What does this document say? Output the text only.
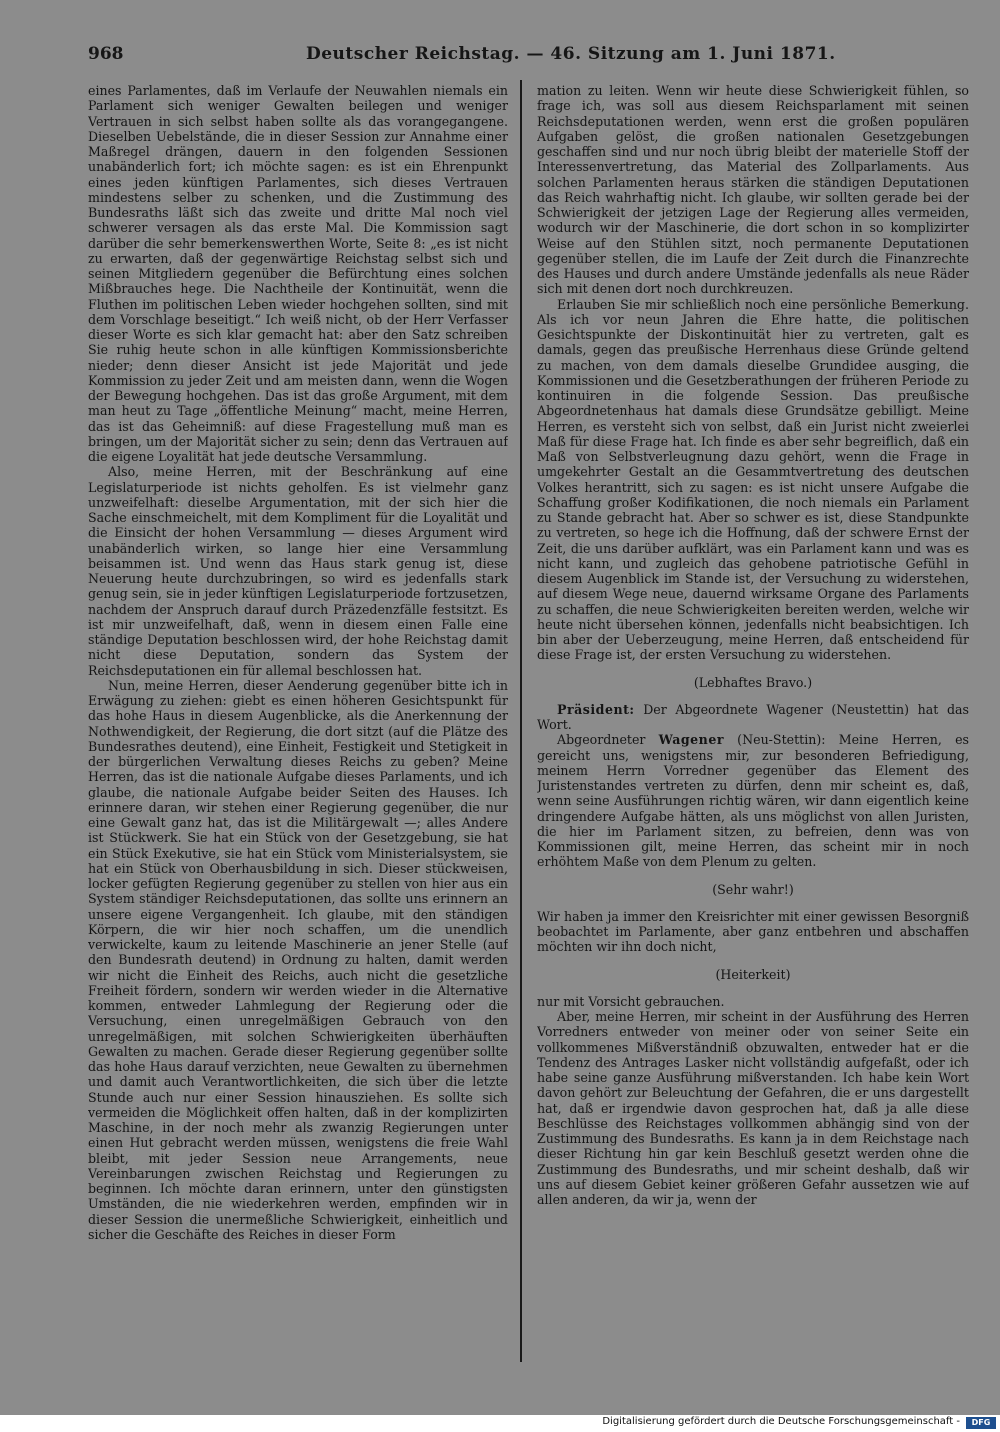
968	Deutscher Reichstag. — 46. Sitzung am 1. Juni 1871.

eines Parlamentes, daß im Verlaufe der Neuwahlen niemals ein Parlament sich weniger Gewalten beilegen und weniger Vertrauen in sich selbst haben sollte als das vorangegangene. Dieselben Uebelstände, die in dieser Session zur Annahme einer Maßregel drängen, dauern in den folgenden Sessionen unabänderlich fort; ich möchte sagen: es ist ein Ehrenpunkt eines jeden künftigen Parlamentes, sich dieses Vertrauen mindestens selber zu schenken, und die Zustimmung des Bundesraths läßt sich das zweite und dritte Mal noch viel schwerer versagen als das erste Mal. Die Kommission sagt darüber die sehr bemerkenswerthen Worte, Seite 8: „es ist nicht zu erwarten, daß der gegenwärtige Reichstag selbst sich und seinen Mitgliedern gegenüber die Befürchtung eines solchen Mißbrauches hege. Die Nachtheile der Kontinuität, wenn die Fluthen im politischen Leben wieder hochgehen sollten, sind mit dem Vorschlage beseitigt.“ Ich weiß nicht, ob der Herr Verfasser dieser Worte es sich klar gemacht hat: aber den Satz schreiben Sie ruhig heute schon in alle künftigen Kommissionsberichte nieder; denn dieser Ansicht ist jede Majorität und jede Kommission zu jeder Zeit und am meisten dann, wenn die Wogen der Bewegung hochgehen. Das ist das große Argument, mit dem man heut zu Tage „öffentliche Meinung“ macht, meine Herren, das ist das Geheimniß: auf diese Fragestellung muß man es bringen, um der Majorität sicher zu sein; denn das Vertrauen auf die eigene Loyalität hat jede deutsche Versammlung.

Also, meine Herren, mit der Beschränkung auf eine Legislaturperiode ist nichts geholfen. Es ist vielmehr ganz unzweifelhaft: dieselbe Argumentation, mit der sich hier die Sache einschmeichelt, mit dem Kompliment für die Loyalität und die Einsicht der hohen Versammlung — dieses Argument wird unabänderlich wirken, so lange hier eine Versammlung beisammen ist. Und wenn das Haus stark genug ist, diese Neuerung heute durchzubringen, so wird es jedenfalls stark genug sein, sie in jeder künftigen Legislaturperiode fortzusetzen, nachdem der Anspruch darauf durch Präzedenzfälle festsitzt. Es ist mir unzweifelhaft, daß, wenn in diesem einen Falle eine ständige Deputation beschlossen wird, der hohe Reichstag damit nicht diese Deputation, sondern das System der Reichsdeputationen ein für allemal beschlossen hat.

Nun, meine Herren, dieser Aenderung gegenüber bitte ich in Erwägung zu ziehen: giebt es einen höheren Gesichtspunkt für das hohe Haus in diesem Augenblicke, als die Anerkennung der Nothwendigkeit, der Regierung, die dort sitzt (auf die Plätze des Bundesrathes deutend), eine Einheit, Festigkeit und Stetigkeit in der bürgerlichen Verwaltung dieses Reichs zu geben? Meine Herren, das ist die nationale Aufgabe dieses Parlaments, und ich glaube, die nationale Aufgabe beider Seiten des Hauses. Ich erinnere daran, wir stehen einer Regierung gegenüber, die nur eine Gewalt ganz hat, das ist die Militärgewalt —; alles Andere ist Stückwerk. Sie hat ein Stück von der Gesetzgebung, sie hat ein Stück Exekutive, sie hat ein Stück vom Ministerialsystem, sie hat ein Stück von Oberhausbildung in sich. Dieser stückweisen, locker gefügten Regierung gegenüber zu stellen von hier aus ein System ständiger Reichsdeputationen, das sollte uns erinnern an unsere eigene Vergangenheit. Ich glaube, mit den ständigen Körpern, die wir hier noch schaffen, um die unendlich verwickelte, kaum zu leitende Maschinerie an jener Stelle (auf den Bundesrath deutend) in Ordnung zu halten, damit werden wir nicht die Einheit des Reichs, auch nicht die gesetzliche Freiheit fördern, sondern wir werden wieder in die Alternative kommen, entweder Lahmlegung der Regierung oder die Versuchung, einen unregelmäßigen Gebrauch von den unregelmäßigen, mit solchen Schwierigkeiten überhäuften Gewalten zu machen. Gerade dieser Regierung gegenüber sollte das hohe Haus darauf verzichten, neue Gewalten zu übernehmen und damit auch Verantwortlichkeiten, die sich über die letzte Stunde auch nur einer Session hinausziehen. Es sollte sich vermeiden die Möglichkeit offen halten, daß in der komplizirten Maschine, in der noch mehr als zwanzig Regierungen unter einen Hut gebracht werden müssen, wenigstens die freie Wahl bleibt, mit jeder Session neue Arrangements, neue Vereinbarungen zwischen Reichstag und Regierungen zu beginnen. Ich möchte daran erinnern, unter den günstigsten Umständen, die nie wiederkehren werden, empfinden wir in dieser Session die unermeßliche Schwierigkeit, einheitlich und sicher die Geschäfte des Reiches in dieser Form

mation zu leiten. Wenn wir heute diese Schwierigkeit fühlen, so frage ich, was soll aus diesem Reichsparlament mit seinen Reichsdeputationen werden, wenn erst die großen populären Aufgaben gelöst, die großen nationalen Gesetzgebungen geschaffen sind und nur noch übrig bleibt der materielle Stoff der Interessenvertretung, das Material des Zollparlaments. Aus solchen Parlamenten heraus stärken die ständigen Deputationen das Reich wahrhaftig nicht. Ich glaube, wir sollten gerade bei der Schwierigkeit der jetzigen Lage der Regierung alles vermeiden, wodurch wir der Maschinerie, die dort schon in so komplizirter Weise auf den Stühlen sitzt, noch permanente Deputationen gegenüber stellen, die im Laufe der Zeit durch die Finanzrechte des Hauses und durch andere Umstände jedenfalls als neue Räder sich mit denen dort noch durchkreuzen.

Erlauben Sie mir schließlich noch eine persönliche Bemerkung. Als ich vor neun Jahren die Ehre hatte, die politischen Gesichtspunkte der Diskontinuität hier zu vertreten, galt es damals, gegen das preußische Herrenhaus diese Gründe geltend zu machen, von dem damals dieselbe Grundidee ausging, die Kommissionen und die Gesetzberathungen der früheren Periode zu kontinuiren in die folgende Session. Das preußische Abgeordnetenhaus hat damals diese Grundsätze gebilligt. Meine Herren, es versteht sich von selbst, daß ein Jurist nicht zweierlei Maß für diese Frage hat. Ich finde es aber sehr begreiflich, daß ein Maß von Selbstverleugnung dazu gehört, wenn die Frage in umgekehrter Gestalt an die Gesammtvertretung des deutschen Volkes herantritt, sich zu sagen: es ist nicht unsere Aufgabe die Schaffung großer Kodifikationen, die noch niemals ein Parlament zu Stande gebracht hat. Aber so schwer es ist, diese Standpunkte zu vertreten, so hege ich die Hoffnung, daß der schwere Ernst der Zeit, die uns darüber aufklärt, was ein Parlament kann und was es nicht kann, und zugleich das gehobene patriotische Gefühl in diesem Augenblick im Stande ist, der Versuchung zu widerstehen, auf diesem Wege neue, dauernd wirksame Organe des Parlaments zu schaffen, die neue Schwierigkeiten bereiten werden, welche wir heute nicht übersehen können, jedenfalls nicht beabsichtigen. Ich bin aber der Ueberzeugung, meine Herren, daß entscheidend für diese Frage ist, der ersten Versuchung zu widerstehen.

(Lebhaftes Bravo.)

Präsident: Der Abgeordnete Wagener (Neustettin) hat das Wort.

Abgeordneter Wagener (Neu-Stettin): Meine Herren, es gereicht uns, wenigstens mir, zur besonderen Befriedigung, meinem Herrn Vorredner gegenüber das Element des Juristenstandes vertreten zu dürfen, denn mir scheint es, daß, wenn seine Ausführungen richtig wären, wir dann eigentlich keine dringendere Aufgabe hätten, als uns möglichst von allen Juristen, die hier im Parlament sitzen, zu befreien, denn was von Kommissionen gilt, meine Herren, das scheint mir in noch erhöhtem Maße von dem Plenum zu gelten.

(Sehr wahr!)

Wir haben ja immer den Kreisrichter mit einer gewissen Besorgniß beobachtet im Parlamente, aber ganz entbehren und abschaffen möchten wir ihn doch nicht,

(Heiterkeit)

nur mit Vorsicht gebrauchen.

Aber, meine Herren, mir scheint in der Ausführung des Herren Vorredners entweder von meiner oder von seiner Seite ein vollkommenes Mißverständniß obzuwalten, entweder hat er die Tendenz des Antrages Lasker nicht vollständig aufgefaßt, oder ich habe seine ganze Ausführung mißverstanden. Ich habe kein Wort davon gehört zur Beleuchtung der Gefahren, die er uns dargestellt hat, daß er irgendwie davon gesprochen hat, daß ja alle diese Beschlüsse des Reichstages vollkommen abhängig sind von der Zustimmung des Bundesraths. Es kann ja in dem Reichstage nach dieser Richtung hin gar kein Beschluß gesetzt werden ohne die Zustimmung des Bundesraths, und mir scheint deshalb, daß wir uns auf diesem Gebiet keiner größeren Gefahr aussetzen wie auf allen anderen, da wir ja, wenn der

Digitalisierung gefördert durch die Deutsche Forschungsgemeinschaft -	DFG
